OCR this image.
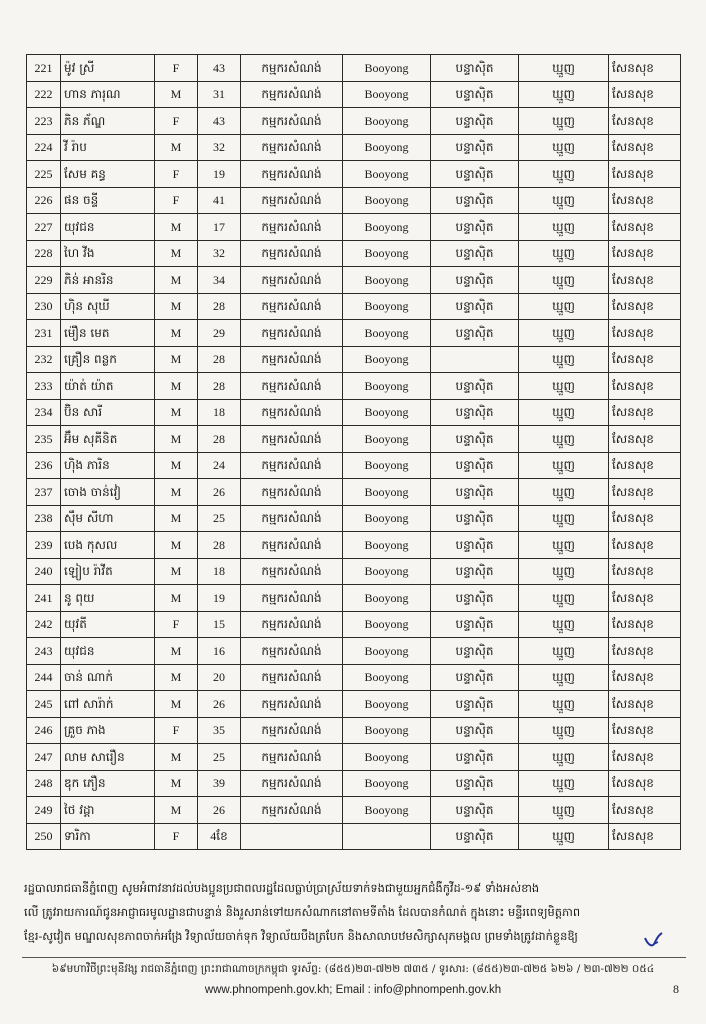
221	ម៉ូវ ស្រី	F	43	កម្មករសំណង់	Booyong	បន្ទាស៊ិត	ឃ្មួញ	សែនសុខ
222	ហាន ភារុណ	M	31	កម្មករសំណង់	Booyong	បន្ទាស៊ិត	ឃ្មួញ	សែនសុខ
223	ភិន ភ័ណ្ឌ	F	43	កម្មករសំណង់	Booyong	បន្ទាស៊ិត	ឃ្មួញ	សែនសុខ
224	វី រ៉ាប	M	32	កម្មករសំណង់	Booyong	បន្ទាស៊ិត	ឃ្មួញ	សែនសុខ
225	សែម គន្ធ	F	19	កម្មករសំណង់	Booyong	បន្ទាស៊ិត	ឃ្មួញ	សែនសុខ
226	ផន ចន្ទី	F	41	កម្មករសំណង់	Booyong	បន្ទាស៊ិត	ឃ្មួញ	សែនសុខ
227	យុវជន	M	17	កម្មករសំណង់	Booyong	បន្ទាស៊ិត	ឃ្មួញ	សែនសុខ
228	ហៃ វីង	M	32	កម្មករសំណង់	Booyong	បន្ទាស៊ិត	ឃ្មួញ	សែនសុខ
229	ភិន់ អានរិន	M	34	កម្មករសំណង់	Booyong	បន្ទាស៊ិត	ឃ្មួញ	សែនសុខ
230	ហ៊ិន សុឃី	M	28	កម្មករសំណង់	Booyong	បន្ទាស៊ិត	ឃ្មួញ	សែនសុខ
231	ម៉ឿន មេត	M	29	កម្មករសំណង់	Booyong	បន្ទាស៊ិត	ឃ្មួញ	សែនសុខ
232	គ្រឿន ពន្លក	M	28	កម្មករសំណង់	Booyong		ឃ្មួញ	សែនសុខ
233	យ៉ាត់ យ៉ាត	M	28	កម្មករសំណង់	Booyong	បន្ទាស៊ិត	ឃ្មួញ	សែនសុខ
234	ប៊ិន សារី	M	18	កម្មករសំណង់	Booyong	បន្ទាស៊ិត	ឃ្មួញ	សែនសុខ
235	អ៊ឹម សុគីនិត	M	28	កម្មករសំណង់	Booyong	បន្ទាស៊ិត	ឃ្មួញ	សែនសុខ
236	ហ៊ិង ភារិន	M	24	កម្មករសំណង់	Booyong	បន្ទាស៊ិត	ឃ្មួញ	សែនសុខ
237	ចោង ចាន់វៀ	M	26	កម្មករសំណង់	Booyong	បន្ទាស៊ិត	ឃ្មួញ	សែនសុខ
238	ស៊ឹម សីហា	M	25	កម្មករសំណង់	Booyong	បន្ទាស៊ិត	ឃ្មួញ	សែនសុខ
239	បេង កុសល	M	28	កម្មករសំណង់	Booyong	បន្ទាស៊ិត	ឃ្មួញ	សែនសុខ
240	ឡៀប រ៉ាវីត	M	18	កម្មករសំណង់	Booyong	បន្ទាស៊ិត	ឃ្មួញ	សែនសុខ
241	នូ ពុយ	M	19	កម្មករសំណង់	Booyong	បន្ទាស៊ិត	ឃ្មួញ	សែនសុខ
242	យុវតី	F	15	កម្មករសំណង់	Booyong	បន្ទាស៊ិត	ឃ្មួញ	សែនសុខ
243	យុវជន	M	16	កម្មករសំណង់	Booyong	បន្ទាស៊ិត	ឃ្មួញ	សែនសុខ
244	ចាន់ ណាក់	M	20	កម្មករសំណង់	Booyong	បន្ទាស៊ិត	ឃ្មួញ	សែនសុខ
245	ពៅ សារ៉ាក់	M	26	កម្មករសំណង់	Booyong	បន្ទាស៊ិត	ឃ្មួញ	សែនសុខ
246	គ្រួច ភាង	F	35	កម្មករសំណង់	Booyong	បន្ទាស៊ិត	ឃ្មួញ	សែនសុខ
247	លាម សារឿន	M	25	កម្មករសំណង់	Booyong	បន្ទាស៊ិត	ឃ្មួញ	សែនសុខ
248	ឌុក ភឿន	M	39	កម្មករសំណង់	Booyong	បន្ទាស៊ិត	ឃ្មួញ	សែនសុខ
249	ថៃ វដ្តា	M	26	កម្មករសំណង់	Booyong	បន្ទាស៊ិត	ឃ្មួញ	សែនសុខ
250	ទារិកា	F	4ខែ			បន្ទាស៊ិត	ឃ្មួញ	សែនសុខ

រដ្ឋបាលរាជធានីភ្នំពេញ សូមអំពាវនាវដល់បងប្អូនប្រជាពលរដ្ឋដែលធ្លាប់ប្រាស្រ័យទាក់ទងជាមួយអ្នកជំងឺកូវីដ-១៩ ទាំងអស់ខាង

លើ ត្រូវរាយការណ៍ជូនអាជ្ញាធរមូលដ្ឋានជាបន្ទាន់ និងរួសរាន់ទៅយកសំណាកនៅតាមទីតាំង ដែលបានកំណត់ ក្នុងនោះ មន្ទីរពេទ្យមិត្តភាព

ខ្មែរ-សូវៀត មណ្ឌលសុខភាពចាក់អង្រែ វិទ្យាល័យចាក់ទុក វិទ្យាល័យបឹងត្របែក និងសាលាបឋមសិក្សាសុភមង្គល ព្រមទាំងត្រូវដាក់ខ្លួនឱ្យ

៦៩មហាវិថីព្រះមុនីវង្ស រាជធានីភ្នំពេញ ព្រះរាជាណាចក្រកម្ពុជា ទូរស័ព្ទ: (៨៥៥)២៣-៧២២ ៧៣៥ / ទូរសារ: (៨៥៥)២៣-៧២៥ ៦២៦ / ២៣-៧២២ ០៥៤
www.phnompenh.gov.kh; Email : info@phnompenh.gov.kh	8
